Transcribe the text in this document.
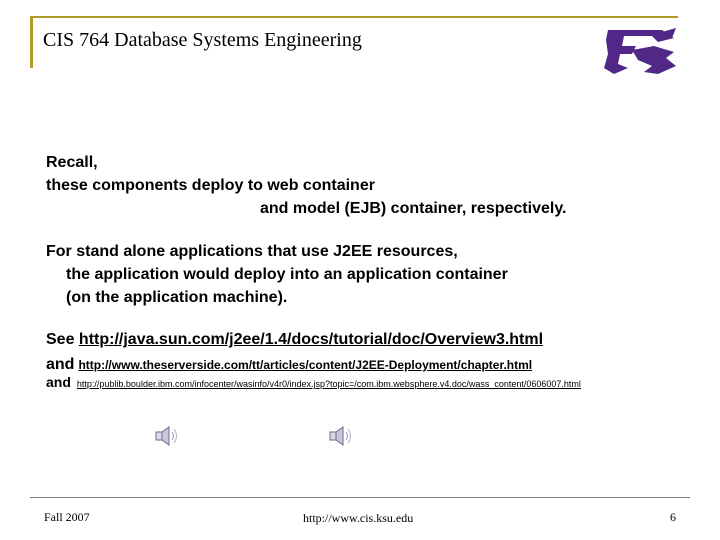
CIS 764 Database Systems Engineering
Recall,
these components deploy to web container
and model (EJB) container, respectively.
For stand alone applications that use J2EE resources,
the application would deploy into an application container
(on the application machine).
See http://java.sun.com/j2ee/1.4/docs/tutorial/doc/Overview3.html
and http://www.theserverside.com/tt/articles/content/J2EE-Deployment/chapter.html
and http://publib.boulder.ibm.com/infocenter/wasinfo/v4r0/index.jsp?topic=/com.ibm.websphere.v4.doc/wass_content/0606007.html
Fall 2007	http://www.cis.ksu.edu	6
